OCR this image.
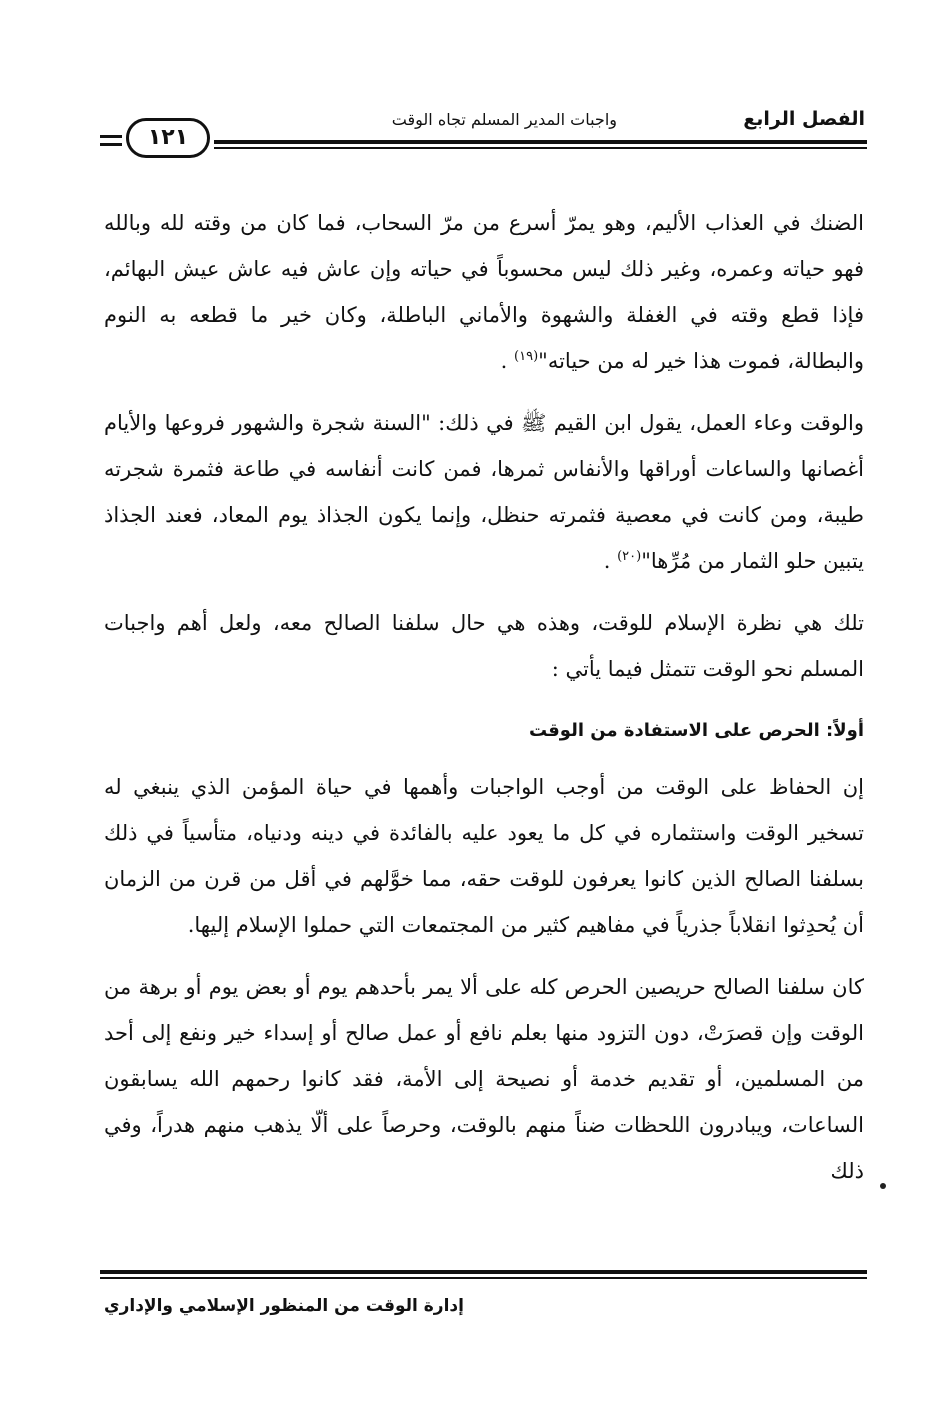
الفصل الرابع
واجبات المدير المسلم تجاه الوقت
١٢١

الضنك في العذاب الأليم، وهو يمرّ أسرع من مرّ السحاب، فما كان من وقته لله وبالله فهو حياته وعمره، وغير ذلك ليس محسوباً في حياته وإن عاش فيه عاش عيش البهائم، فإذا قطع وقته في الغفلة والشهوة والأماني الباطلة، وكان خير ما قطعه به النوم والبطالة، فموت هذا خير له من حياته"$^{(١٩)}$ .

والوقت وعاء العمل، يقول ابن القيم ﷺ في ذلك: "السنة شجرة والشهور فروعها والأيام أغصانها والساعات أوراقها والأنفاس ثمرها، فمن كانت أنفاسه في طاعة فثمرة شجرته طيبة، ومن كانت في معصية فثمرته حنظل، وإنما يكون الجذاذ يوم المعاد، فعند الجذاذ يتبين حلو الثمار من مُرِّها"$^{(٢٠)}$ .

تلك هي نظرة الإسلام للوقت، وهذه هي حال سلفنا الصالح معه، ولعل أهم واجبات المسلم نحو الوقت تتمثل فيما يأتي :

أولاً: الحرص على الاستفادة من الوقت

إن الحفاظ على الوقت من أوجب الواجبات وأهمها في حياة المؤمن الذي ينبغي له تسخير الوقت واستثماره في كل ما يعود عليه بالفائدة في دينه ودنياه، متأسياً في ذلك بسلفنا الصالح الذين كانوا يعرفون للوقت حقه، مما خوَّلهم في أقل من قرن من الزمان أن يُحدِثوا انقلاباً جذرياً في مفاهيم كثير من المجتمعات التي حملوا الإسلام إليها.

كان سلفنا الصالح حريصين الحرص كله على ألا يمر بأحدهم يوم أو بعض يوم أو برهة من الوقت وإن قصرَتْ، دون التزود منها بعلم نافع أو عمل صالح أو إسداء خير ونفع إلى أحد من المسلمين، أو تقديم خدمة أو نصيحة إلى الأمة، فقد كانوا رحمهم الله يسابقون الساعات، ويبادرون اللحظات ضناً منهم بالوقت، وحرصاً على ألّا يذهب منهم هدراً، وفي ذلك

إدارة الوقت من المنظور الإسلامي والإداري
